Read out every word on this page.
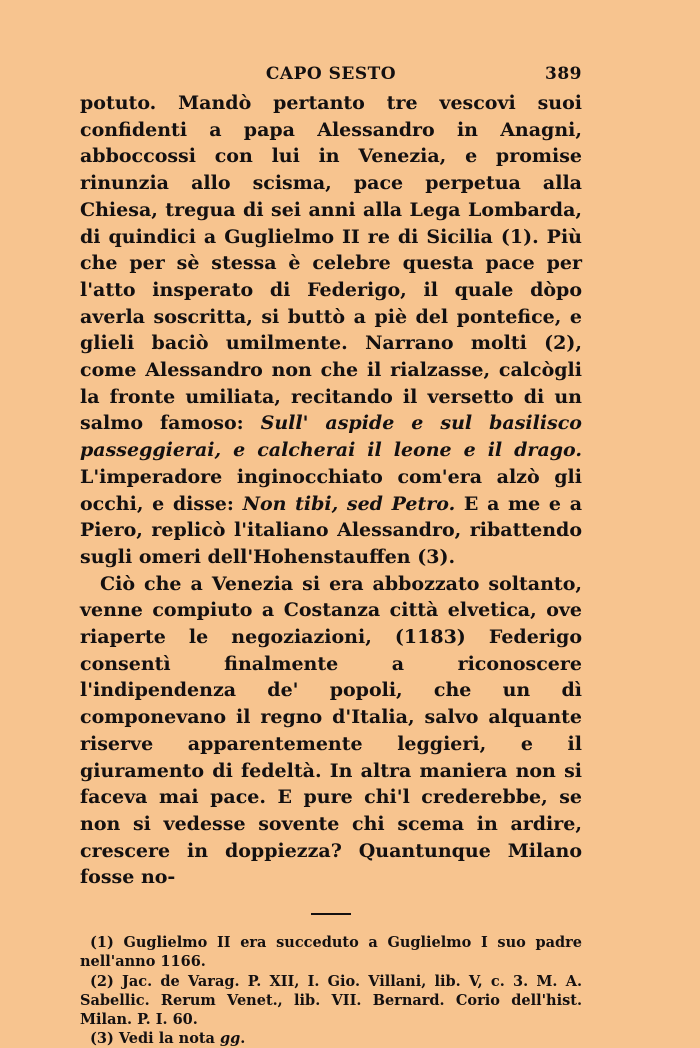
CAPO SESTO	389

potuto. Mandò pertanto tre vescovi suoi confidenti a papa Alessandro in Anagni, abboccossi con lui in Venezia, e promise rinunzia allo scisma, pace perpetua alla Chiesa, tregua di sei anni alla Lega Lombarda, di quindici a Guglielmo II re di Sicilia (1). Più che per sè stessa è celebre questa pace per l'atto insperato di Federigo, il quale dòpo averla soscritta, si buttò a piè del pontefice, e glieli baciò umilmente. Narrano molti (2), come Alessandro non che il rialzasse, calcògli la fronte umiliata, recitando il versetto di un salmo famoso: Sull' aspide e sul basilisco passeggierai, e calcherai il leone e il drago. L'imperadore inginocchiato com'era alzò gli occhi, e disse: Non tibi, sed Petro. E a me e a Piero, replicò l'italiano Alessandro, ribattendo sugli omeri dell'Hohenstauffen (3).

Ciò che a Venezia si era abbozzato soltanto, venne compiuto a Costanza città elvetica, ove riaperte le negoziazioni, (1183) Federigo consentì finalmente a riconoscere l'indipendenza de' popoli, che un dì componevano il regno d'Italia, salvo alquante riserve apparentemente leggieri, e il giuramento di fedeltà. In altra maniera non si faceva mai pace. E pure chi'l crederebbe, se non si vedesse sovente chi scema in ardire, crescere in doppiezza? Quantunque Milano fosse no-

(1) Guglielmo II era succeduto a Guglielmo I suo padre nell'anno 1166.

(2) Jac. de Varag. P. XII, I. Gio. Villani, lib. V, c. 3. M. A. Sabellic. Rerum Venet., lib. VII. Bernard. Corio dell'hist. Milan. P. I. 60.

(3) Vedi la nota gg.
